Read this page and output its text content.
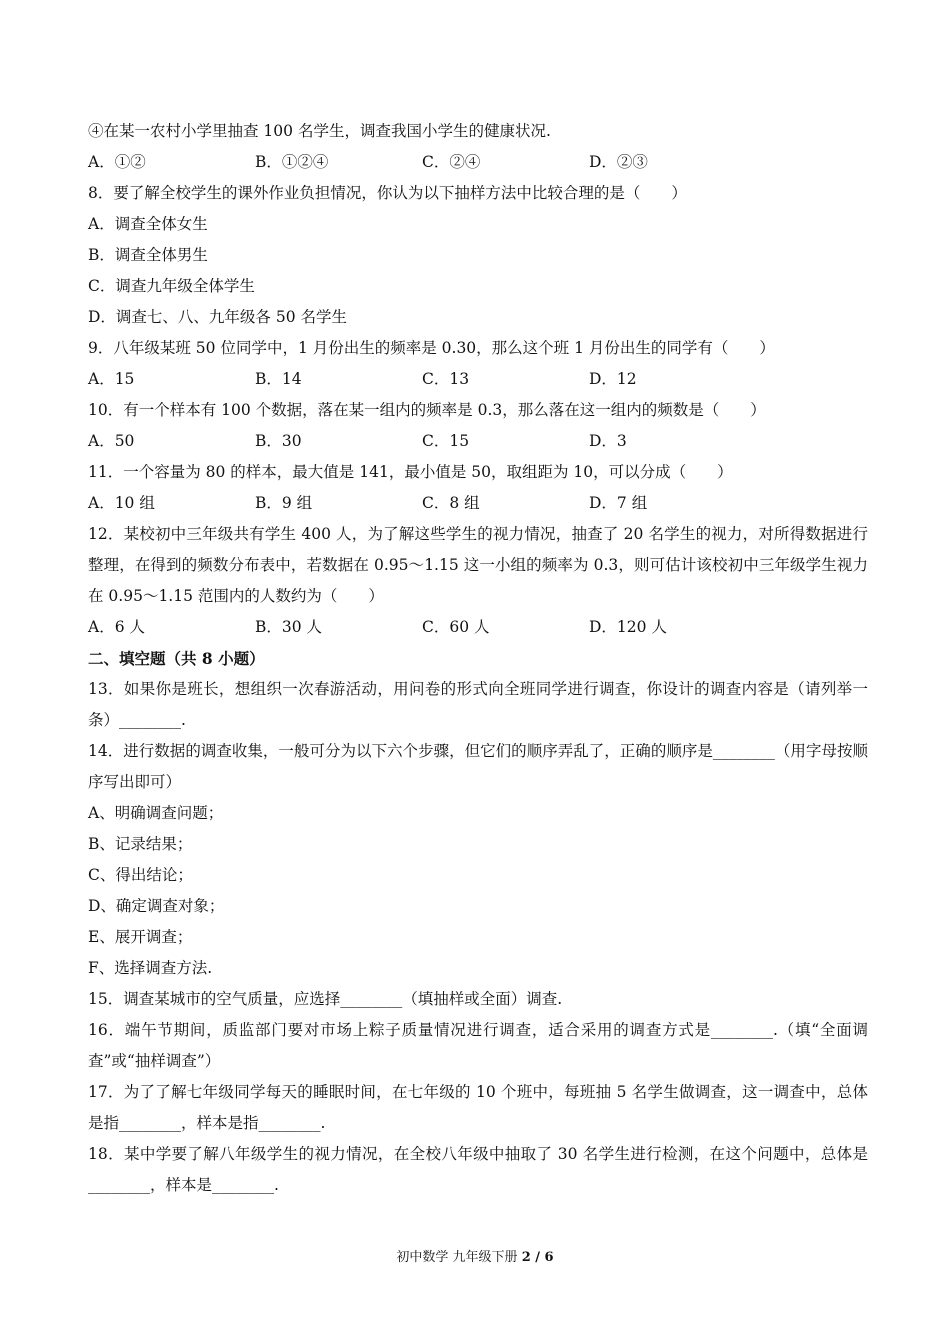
④在某一农村小学里抽查 100 名学生，调查我国小学生的健康状况.
A．①②	B．①②④	C．②④	D．②③
8．要了解全校学生的课外作业负担情况，你认为以下抽样方法中比较合理的是（　　）
A．调查全体女生
B．调查全体男生
C．调查九年级全体学生
D．调查七、八、九年级各 50 名学生
9．八年级某班 50 位同学中，1 月份出生的频率是 0.30，那么这个班 1 月份出生的同学有（　　）
A．15	B．14	C．13	D．12
10．有一个样本有 100 个数据，落在某一组内的频率是 0.3，那么落在这一组内的频数是（　　）
A．50	B．30	C．15	D．3
11．一个容量为 80 的样本，最大值是 141，最小值是 50，取组距为 10，可以分成（　　）
A．10 组	B．9 组	C．8 组	D．7 组
12．某校初中三年级共有学生 400 人，为了解这些学生的视力情况，抽查了 20 名学生的视力，对所得数据进行整理，在得到的频数分布表中，若数据在 0.95～1.15 这一小组的频率为 0.3，则可估计该校初中三年级学生视力在 0.95～1.15 范围内的人数约为（　　）
A．6 人	B．30 人	C．60 人	D．120 人
二、填空题（共 8 小题）
13．如果你是班长，想组织一次春游活动，用问卷的形式向全班同学进行调查，你设计的调查内容是（请列举一条）________.
14．进行数据的调查收集，一般可分为以下六个步骤，但它们的顺序弄乱了，正确的顺序是________（用字母按顺序写出即可）
A、明确调查问题；
B、记录结果；
C、得出结论；
D、确定调查对象；
E、展开调查；
F、选择调查方法.
15．调查某城市的空气质量，应选择________（填抽样或全面）调查.
16．端午节期间，质监部门要对市场上粽子质量情况进行调查，适合采用的调查方式是________.（填“全面调查”或“抽样调查”）
17．为了了解七年级同学每天的睡眠时间，在七年级的 10 个班中，每班抽 5 名学生做调查，这一调查中，总体是指________，样本是指________.
18．某中学要了解八年级学生的视力情况，在全校八年级中抽取了 30 名学生进行检测，在这个问题中，总体是________，样本是________.
初中数学 九年级下册 2 / 6
